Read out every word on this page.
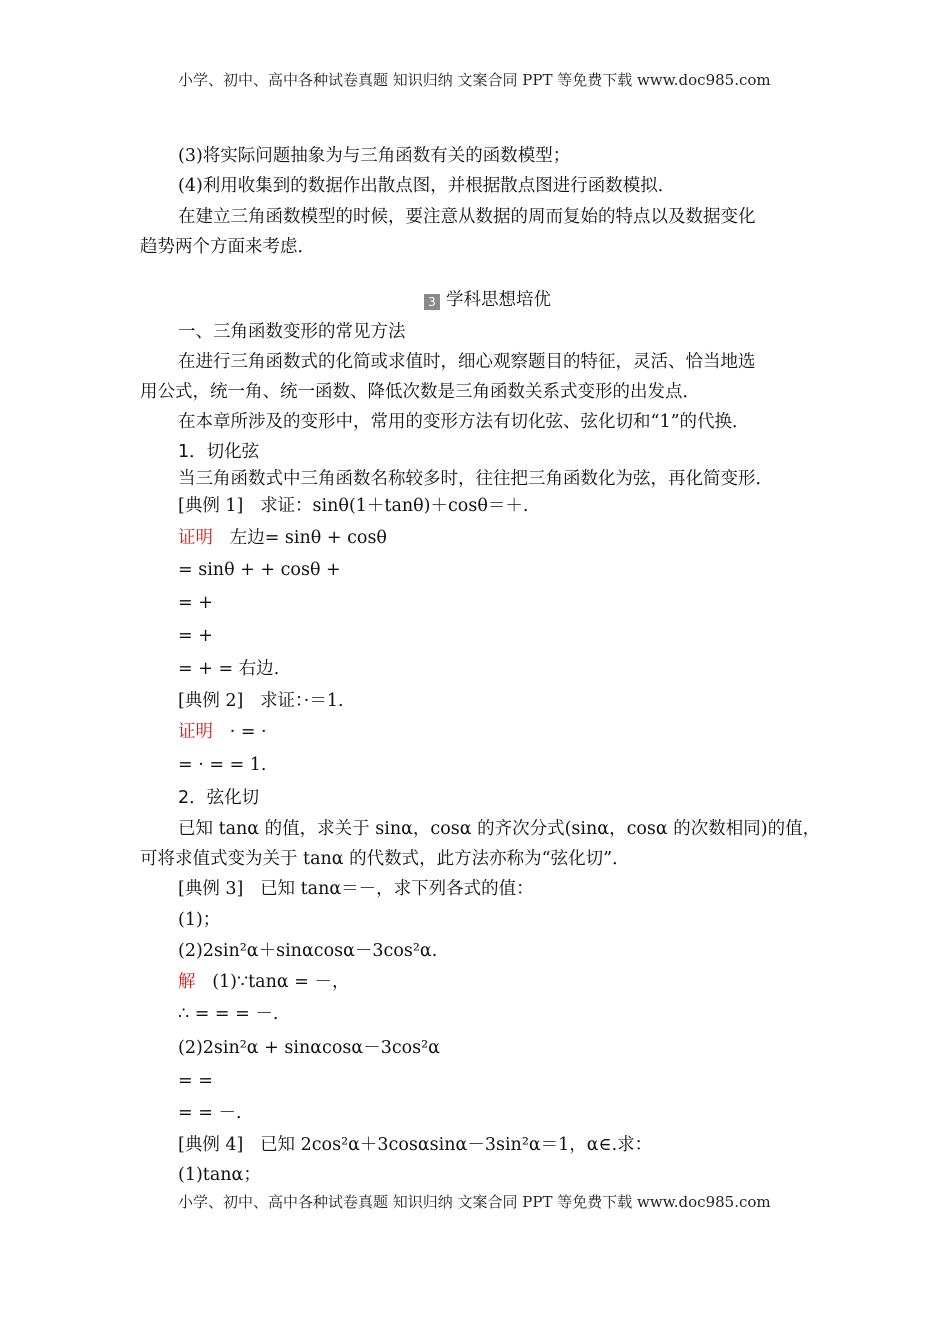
小学、初中、高中各种试卷真题 知识归纳 文案合同 PPT 等免费下载 www.doc985.com
(3)将实际问题抽象为与三角函数有关的函数模型；
(4)利用收集到的数据作出散点图，并根据散点图进行函数模拟．
在建立三角函数模型的时候，要注意从数据的周而复始的特点以及数据变化
趋势两个方面来考虑．
3 学科思想培优
一、三角函数变形的常见方法
在进行三角函数式的化简或求值时，细心观察题目的特征，灵活、恰当地选
用公式，统一角、统一函数、降低次数是三角函数关系式变形的出发点．
在本章所涉及的变形中，常用的变形方法有切化弦、弦化切和“1”的代换．
1．切化弦
当三角函数式中三角函数名称较多时，往往把三角函数化为弦，再化简变形．
[典例 1] 求证：sinθ(1＋tanθ)＋cosθ＝＋.
证明 左边= sinθ + cosθ
= sinθ + + cosθ +
= +
= +
= + = 右边.
[典例 2] 求证：·＝1.
证明 · = ·
= · = = 1.
2．弦化切
已知 tanα 的值，求关于 sinα，cosα 的齐次分式(sinα，cosα 的次数相同)的值，
可将求值式变为关于 tanα 的代数式，此方法亦称为“弦化切”．
[典例 3] 已知 tanα＝－，求下列各式的值：
(1)；
(2)2sin²α＋sinαcosα－3cos²α.
解 (1)∵tanα = －，
∴ = = = －.
(2)2sin²α + sinαcosα－3cos²α
= =
= = －.
[典例 4] 已知 2cos²α＋3cosαsinα－3sin²α＝1，α∈.求：
(1)tanα；
小学、初中、高中各种试卷真题 知识归纳 文案合同 PPT 等免费下载 www.doc985.com
